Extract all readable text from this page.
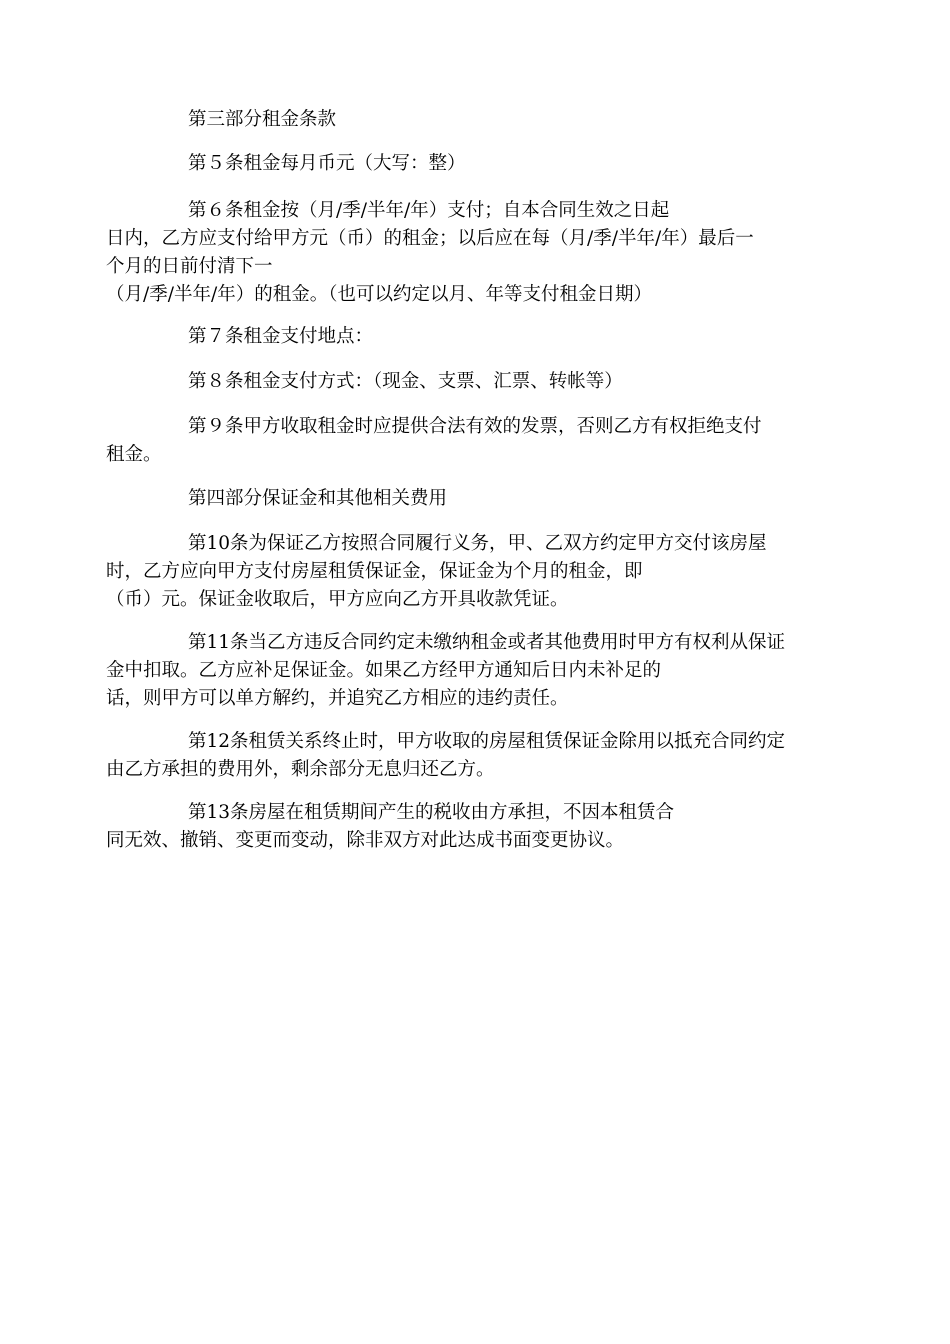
第三部分租金条款

第５条租金每月币元（大写：整）

第６条租金按（月/季/半年/年）支付；自本合同生效之日起
日内，乙方应支付给甲方元（币）的租金；以后应在每（月/季/半年/年）最后一
个月的日前付清下一
（月/季/半年/年）的租金。（也可以约定以月、年等支付租金日期）

第７条租金支付地点：

第８条租金支付方式：（现金、支票、汇票、转帐等）

第９条甲方收取租金时应提供合法有效的发票，否则乙方有权拒绝支付
租金。

第四部分保证金和其他相关费用

第10条为保证乙方按照合同履行义务，甲、乙双方约定甲方交付该房屋
时，乙方应向甲方支付房屋租赁保证金，保证金为个月的租金，即
（币）元。保证金收取后，甲方应向乙方开具收款凭证。

第11条当乙方违反合同约定未缴纳租金或者其他费用时甲方有权利从保证
金中扣取。乙方应补足保证金。如果乙方经甲方通知后日内未补足的
话，则甲方可以单方解约，并追究乙方相应的违约责任。

第12条租赁关系终止时，甲方收取的房屋租赁保证金除用以抵充合同约定
由乙方承担的费用外，剩余部分无息归还乙方。

第13条房屋在租赁期间产生的税收由方承担，不因本租赁合
同无效、撤销、变更而变动，除非双方对此达成书面变更协议。
